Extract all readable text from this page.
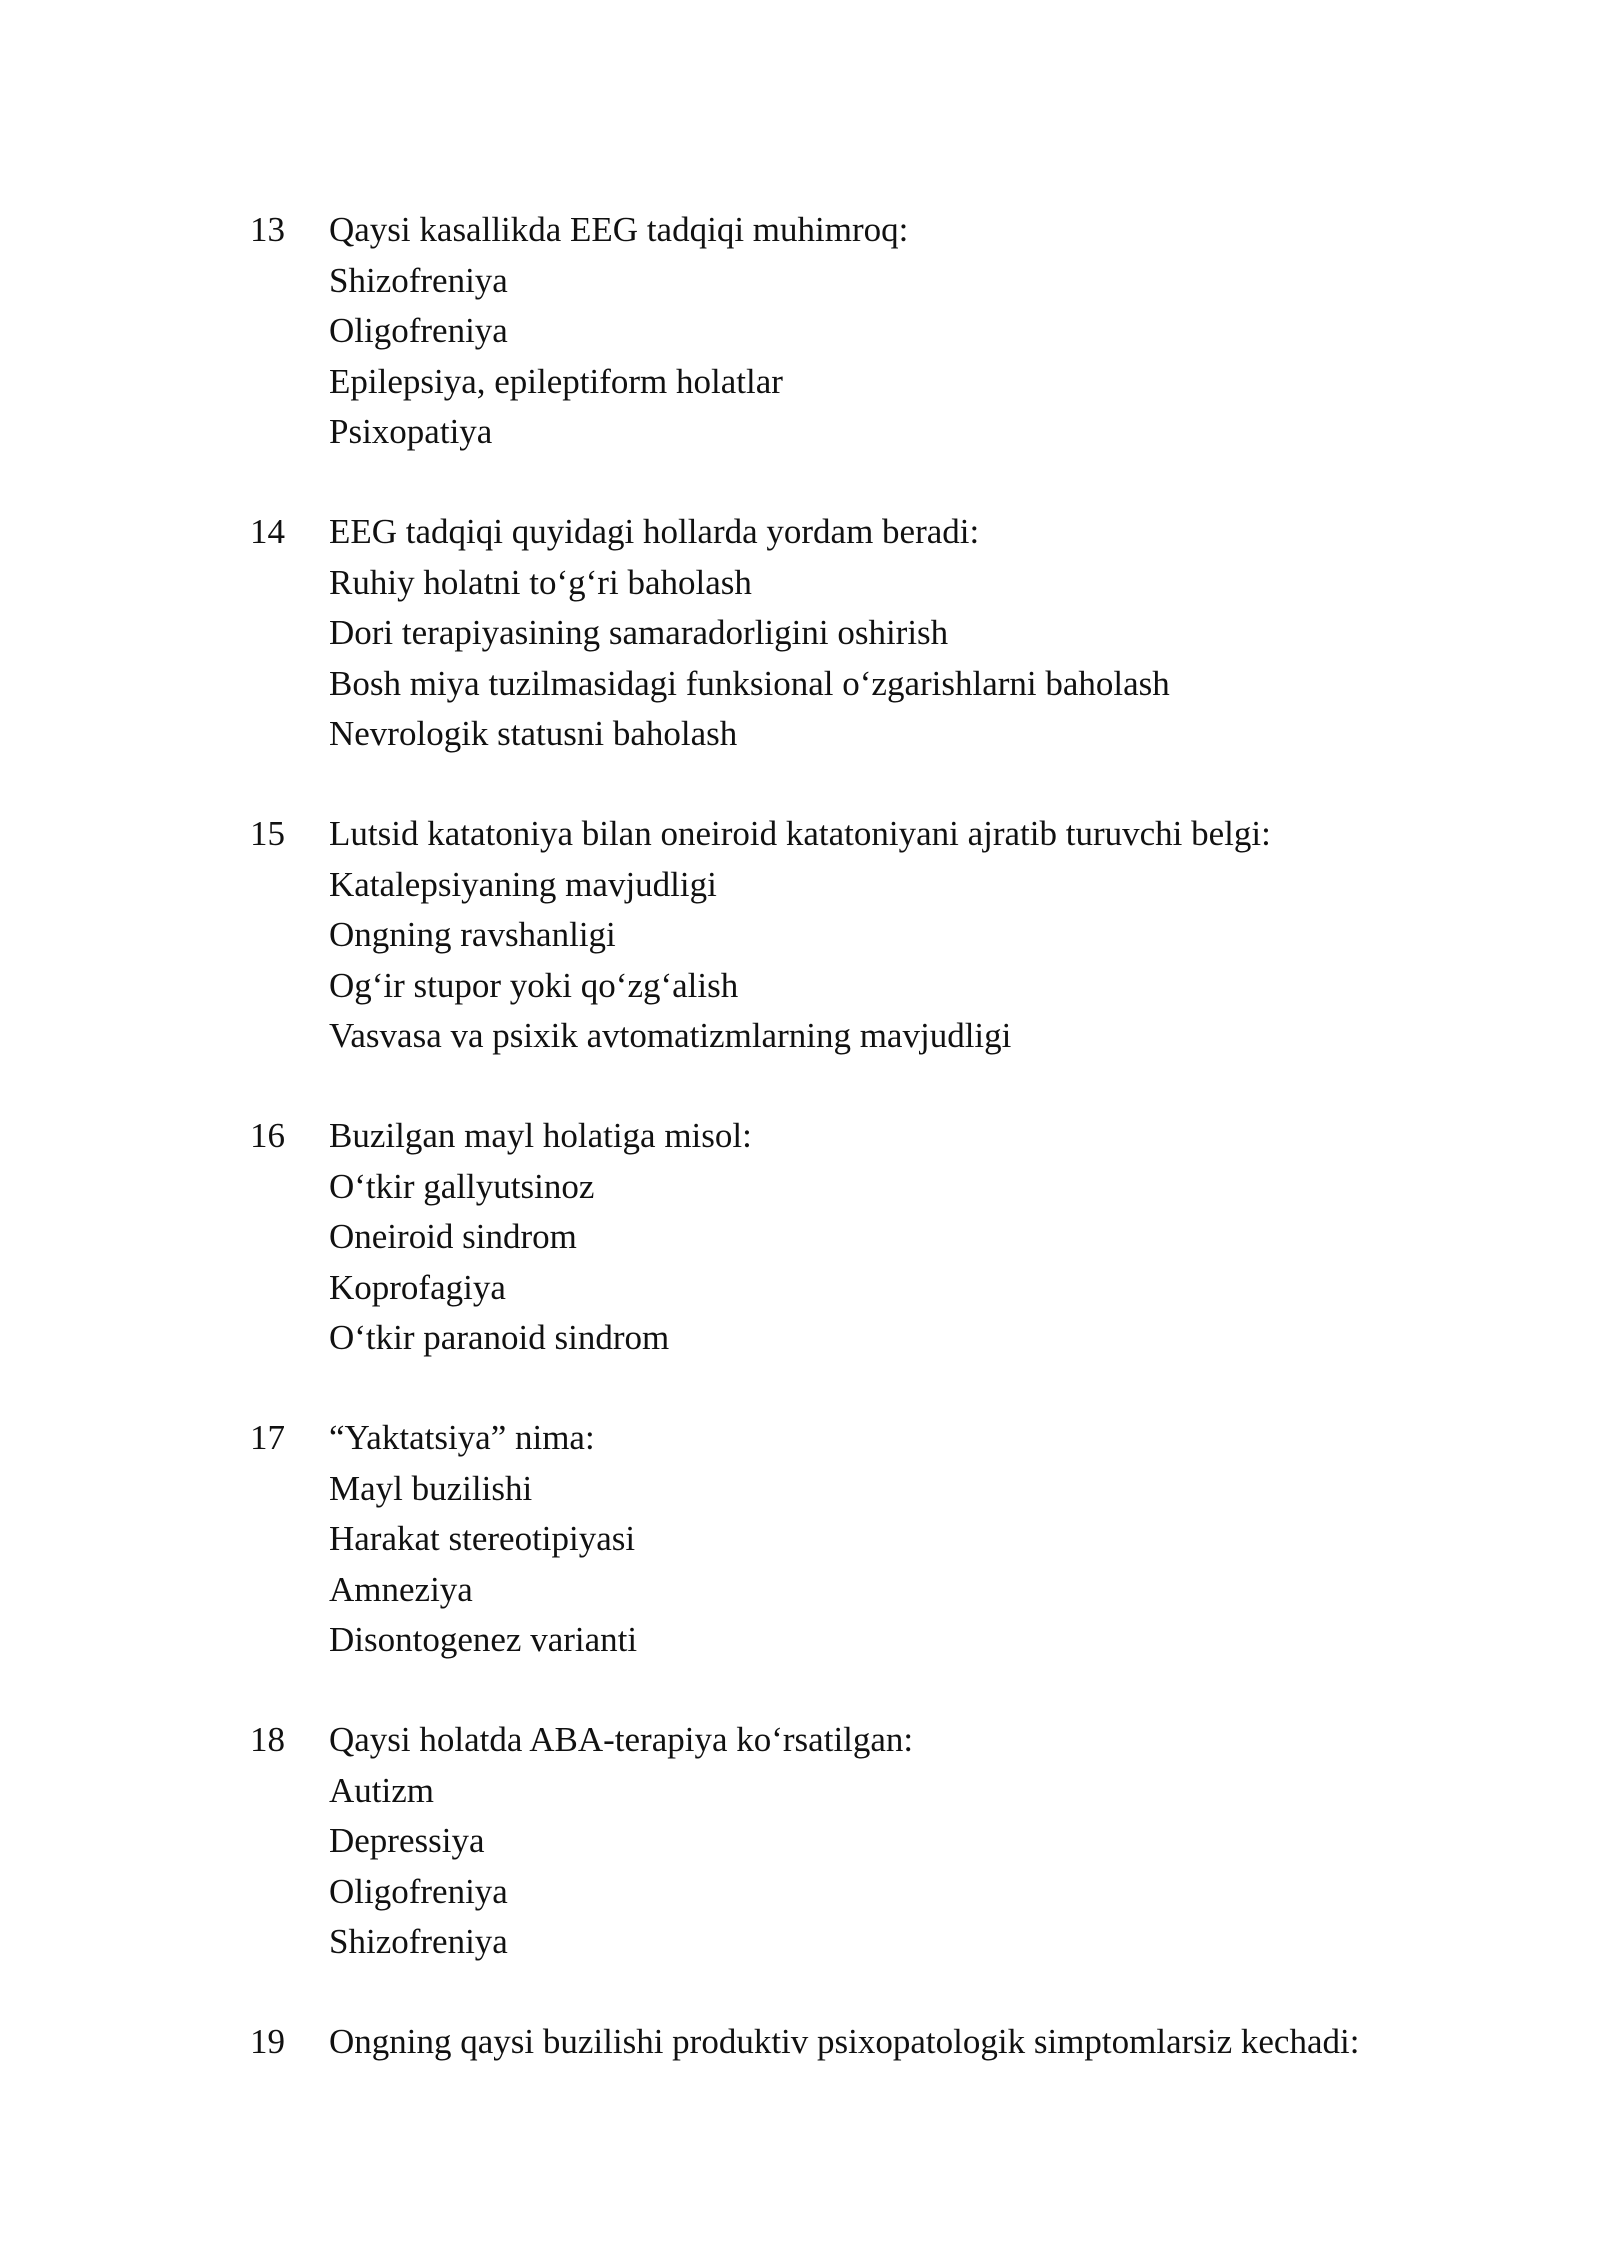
13	Qaysi kasallikda EEG tadqiqi muhimroq:
Shizofreniya
Oligofreniya
Epilepsiya, epileptiform holatlar
Psixopatiya
14	EEG tadqiqi quyidagi hollarda yordam beradi:
Ruhiy holatni to‘g‘ri baholash
Dori terapiyasining samaradorligini oshirish
Bosh miya tuzilmasidagi funksional o‘zgarishlarni baholash
Nevrologik statusni baholash
15	Lutsid katatoniya bilan oneiroid katatoniyani ajratib turuvchi belgi:
Katalepsiyaning mavjudligi
Ongning ravshanligi
Og‘ir stupor yoki qo‘zg‘alish
Vasvasa va psixik avtomatizmlarning mavjudligi
16	Buzilgan mayl holatiga misol:
O‘tkir gallyutsinoz
Oneiroid sindrom
Koprofagiya
O‘tkir paranoid sindrom
17	“Yaktatsiya” nima:
Mayl buzilishi
Harakat stereotipiyasi
Amneziya
Disontogenez varianti
18	Qaysi holatda ABA-terapiya ko‘rsatilgan:
Autizm
Depressiya
Oligofreniya
Shizofreniya
19	Ongning qaysi buzilishi produktiv psixopatologik simptomlarsiz kechadi:
